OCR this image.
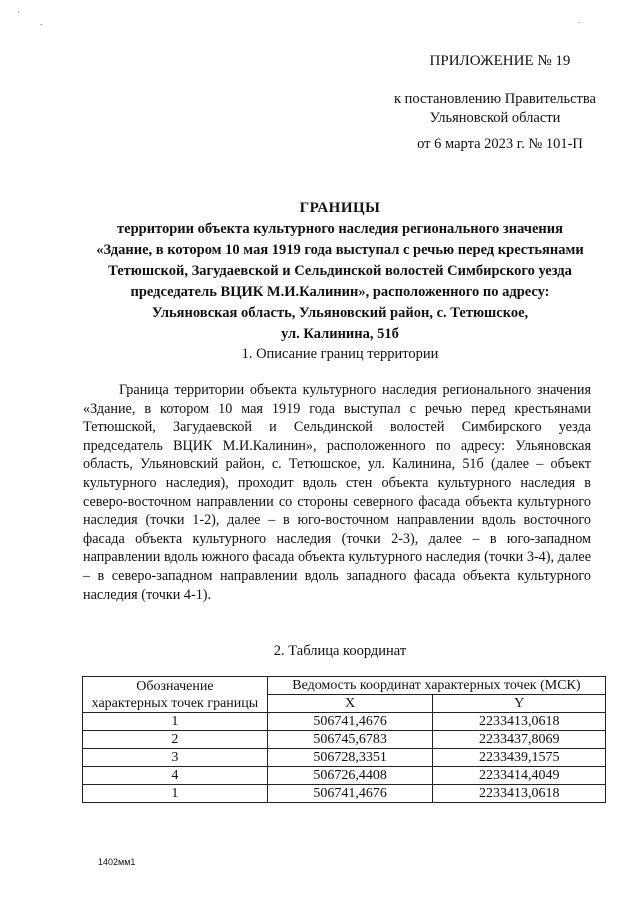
'
-	·
ПРИЛОЖЕНИЕ № 19
к постановлению Правительства
Ульяновской области
от 6 марта 2023 г. № 101-П
ГРАНИЦЫ
территории объекта культурного наследия регионального значения
«Здание, в котором 10 мая 1919 года выступал с речью перед крестьянами
Тетюшской, Загудаевской и Сельдинской волостей Симбирского уезда
председатель ВЦИК М.И.Калинин», расположенного по адресу:
Ульяновская область, Ульяновский район, с. Тетюшское,
ул. Калинина, 51б
1. Описание границ территории
Граница территории объекта культурного наследия регионального значения «Здание, в котором 10 мая 1919 года выступал с речью перед крестьянами Тетюшской, Загудаевской и Сельдинской волостей Симбирского уезда председатель ВЦИК М.И.Калинин», расположенного по адресу: Ульяновская область, Ульяновский район, с. Тетюшское, ул. Калинина, 51б (далее – объект культурного наследия), проходит вдоль стен объекта культурного наследия в северо-восточном направлении со стороны северного фасада объекта культурного наследия (точки 1-2), далее – в юго-восточном направлении вдоль восточного фасада объекта культурного наследия (точки 2-3), далее – в юго-западном направлении вдоль южного фасада объекта культурного наследия (точки 3-4), далее – в северо-западном направлении вдоль западного фасада объекта культурного наследия (точки 4-1).
2. Таблица координат
Обозначение
характерных точек границы	Ведомость координат характерных точек (МСК)	
	X	Y
1	506741,4676	2233413,0618
2	506745,6783	2233437,8069
3	506728,3351	2233439,1575
4	506726,4408	2233414,4049
1	506741,4676	2233413,0618
1402мм1
